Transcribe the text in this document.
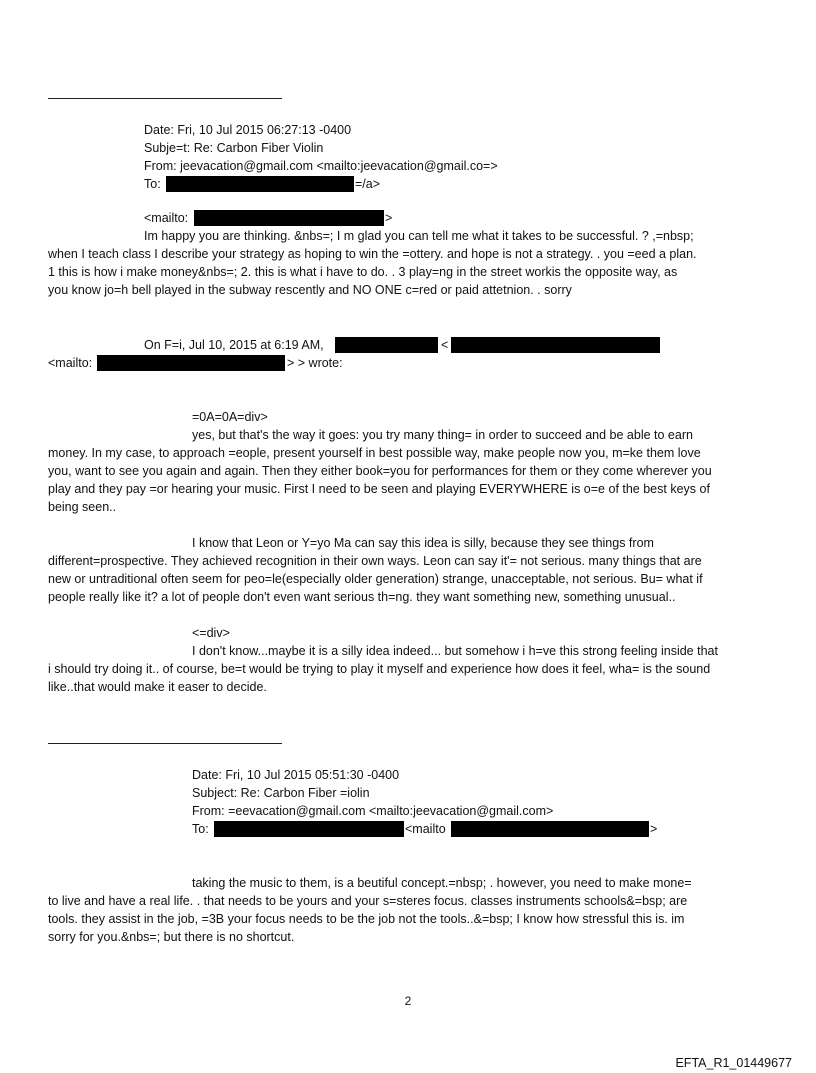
Date: Fri, 10 Jul 2015 06:27:13 -0400
Subje=t: Re: Carbon Fiber Violin
From: jeevacation@gmail.com <mailto:jeevacation@gmail.co=>
To:	=/a>
<mailto:	>
Im happy you are thinking. &nbs=; I m glad you can tell me what it takes to be successful. ? ,=nbsp;
when I teach class I describe your strategy as hoping to win the =ottery. and hope is not a strategy. . you =eed a plan.
1 this is how i make money&nbs=; 2. this is what i have to do. . 3 play=ng in the street workis the opposite way, as
you know jo=h bell played in the subway rescently and NO ONE c=red or paid attetnion. . sorry
On F=i, Jul 10, 2015 at 6:19 AM,	<
<mailto:	> > wrote:
=0A=0A=div>
yes, but that's the way it goes: you try many thing= in order to succeed and be able to earn
money. In my case, to approach =eople, present yourself in best possible way, make people now you, m=ke them love
you, want to see you again and again. Then they either book=you for performances for them or they come wherever you
play and they pay =or hearing your music. First I need to be seen and playing EVERYWHERE is o=e of the best keys of
being seen..
I know that Leon or Y=yo Ma can say this idea is silly, because they see things from
different=prospective. They achieved recognition in their own ways. Leon can say it'= not serious. many things that are
new or untraditional often seem for peo=le(especially older generation) strange, unacceptable, not serious. Bu= what if
people really like it? a lot of people don't even want serious th=ng. they want something new, something unusual..
<=div>
I don't know...maybe it is a silly idea indeed... but somehow i h=ve this strong feeling inside that
i should try doing it.. of course, be=t would be trying to play it myself and experience how does it feel, wha= is the sound
like..that would make it easer to decide.
Date: Fri, 10 Jul 2015 05:51:30 -0400
Subject: Re: Carbon Fiber =iolin
From: =eevacation@gmail.com <mailto:jeevacation@gmail.com>
To:	<mailto	>
taking the music to them, is a beutiful concept.=nbsp; . however, you need to make mone=
to live and have a real life. . that needs to be yours and your s=steres focus. classes instruments schools&=bsp; are
tools. they assist in the job, =3B your focus needs to be the job not the tools..&=bsp; I know how stressful this is. im
sorry for you.&nbs=; but there is no shortcut.
2
EFTA_R1_01449677
